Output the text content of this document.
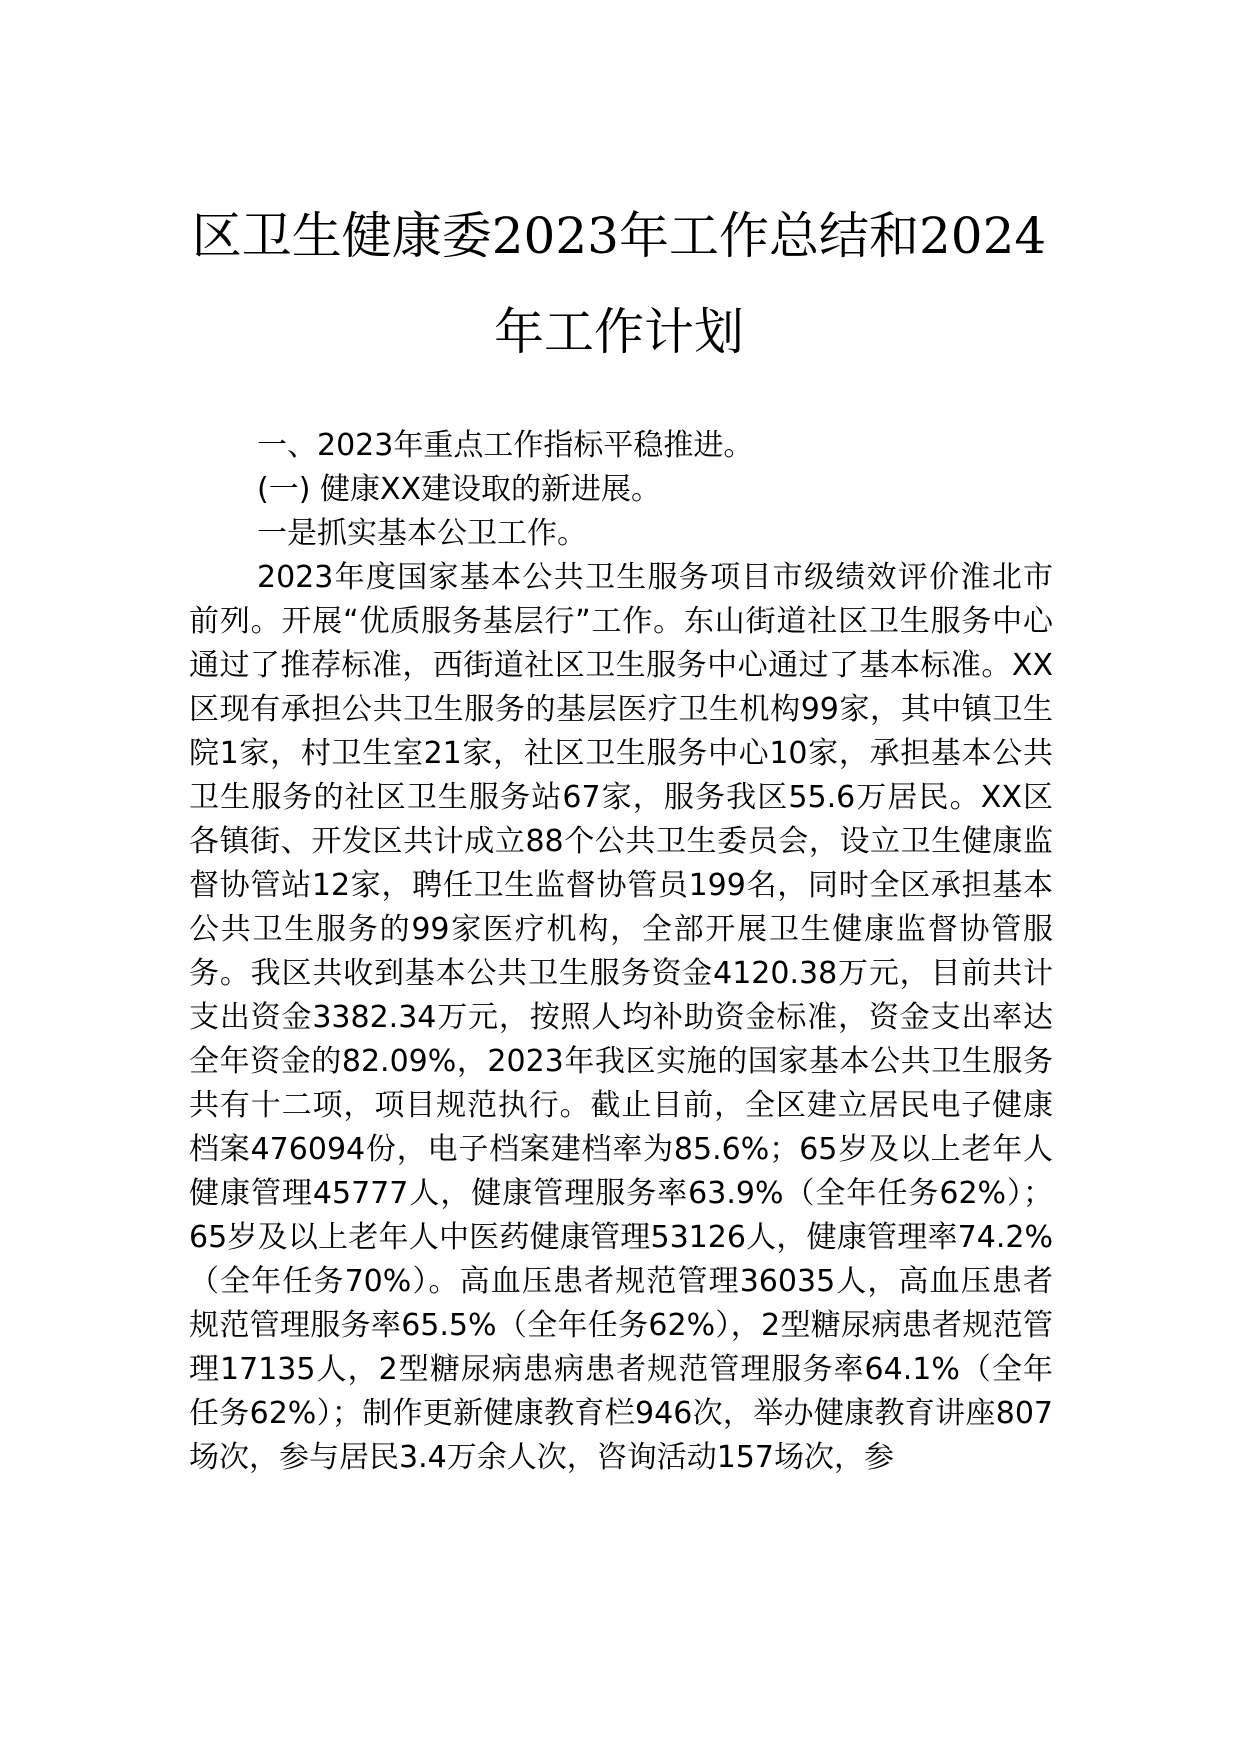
区卫生健康委2023年工作总结和2024年工作计划

一、2023年重点工作指标平稳推进。

(一) 健康XX建设取的新进展。

一是抓实基本公卫工作。

2023年度国家基本公共卫生服务项目市级绩效评价淮北市前列。开展“优质服务基层行”工作。东山街道社区卫生服务中心通过了推荐标准，西街道社区卫生服务中心通过了基本标准。XX区现有承担公共卫生服务的基层医疗卫生机构99家，其中镇卫生院1家，村卫生室21家，社区卫生服务中心10家，承担基本公共卫生服务的社区卫生服务站67家，服务我区55.6万居民。XX区各镇街、开发区共计成立88个公共卫生委员会，设立卫生健康监督协管站12家，聘任卫生监督协管员199名，同时全区承担基本公共卫生服务的99家医疗机构，全部开展卫生健康监督协管服务。我区共收到基本公共卫生服务资金4120.38万元，目前共计支出资金3382.34万元，按照人均补助资金标准，资金支出率达全年资金的82.09%，2023年我区实施的国家基本公共卫生服务共有十二项，项目规范执行。截止目前，全区建立居民电子健康档案476094份，电子档案建档率为85.6%；65岁及以上老年人健康管理45777人，健康管理服务率63.9%（全年任务62%）；65岁及以上老年人中医药健康管理53126人，健康管理率74.2%（全年任务70%）。高血压患者规范管理36035人，高血压患者规范管理服务率65.5%（全年任务62%），2型糖尿病患者规范管理17135人，2型糖尿病患病患者规范管理服务率64.1%（全年任务62%）；制作更新健康教育栏946次，举办健康教育讲座807场次，参与居民3.4万余人次，咨询活动157场次，参
